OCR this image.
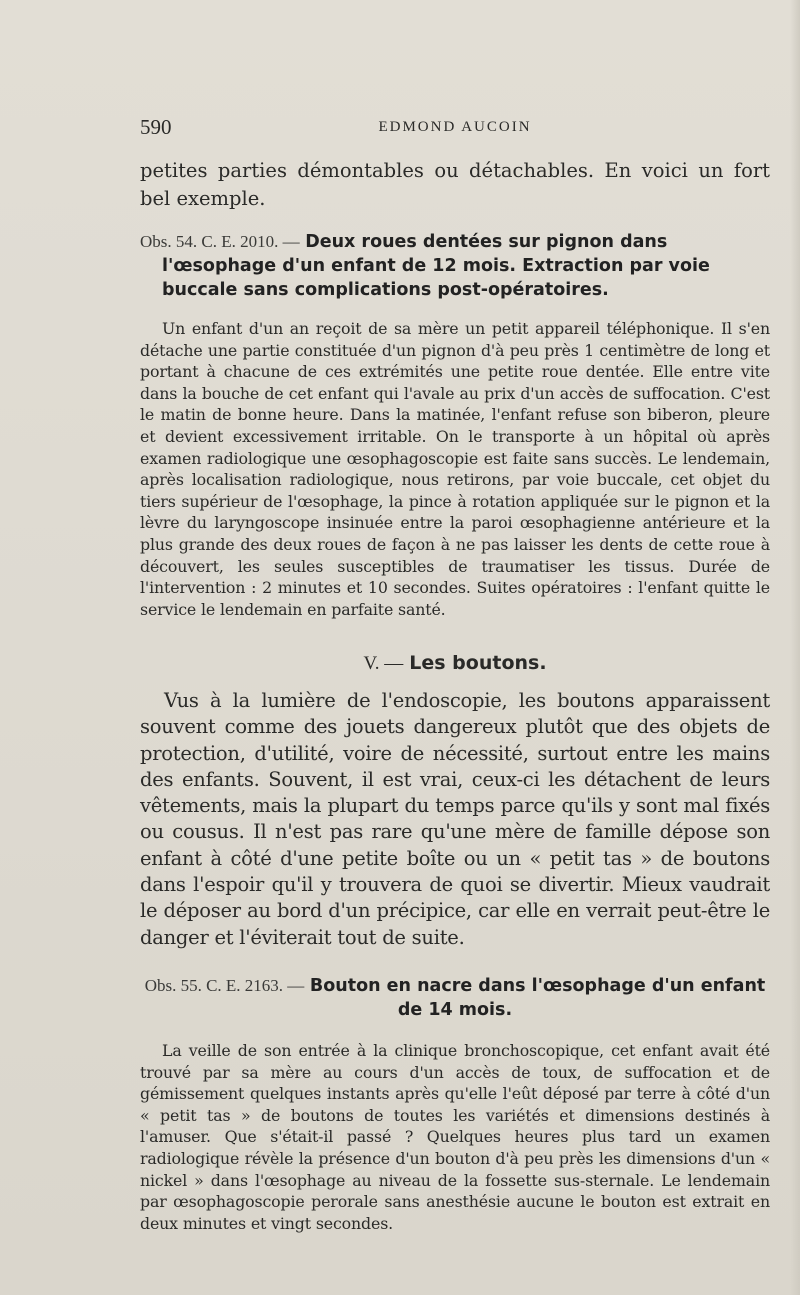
590	EDMOND AUCOIN

petites parties démontables ou détachables. En voici un fort bel exemple.

Obs. 54. C. E. 2010. — Deux roues dentées sur pignon dans l'œsophage d'un enfant de 12 mois. Extraction par voie buccale sans complications post-opératoires.

Un enfant d'un an reçoit de sa mère un petit appareil téléphonique. Il s'en détache une partie constituée d'un pignon d'à peu près 1 centimètre de long et portant à chacune de ces extrémités une petite roue dentée. Elle entre vite dans la bouche de cet enfant qui l'avale au prix d'un accès de suffocation. C'est le matin de bonne heure. Dans la matinée, l'enfant refuse son biberon, pleure et devient excessivement irritable. On le transporte à un hôpital où après examen radiologique une œsophagoscopie est faite sans succès. Le lendemain, après localisation radiologique, nous retirons, par voie buccale, cet objet du tiers supérieur de l'œsophage, la pince à rotation appliquée sur le pignon et la lèvre du laryngoscope insinuée entre la paroi œsophagienne antérieure et la plus grande des deux roues de façon à ne pas laisser les dents de cette roue à découvert, les seules susceptibles de traumatiser les tissus. Durée de l'intervention : 2 minutes et 10 secondes. Suites opératoires : l'enfant quitte le service le lendemain en parfaite santé.

V. — Les boutons.

Vus à la lumière de l'endoscopie, les boutons apparaissent souvent comme des jouets dangereux plutôt que des objets de protection, d'utilité, voire de nécessité, surtout entre les mains des enfants. Souvent, il est vrai, ceux-ci les détachent de leurs vêtements, mais la plupart du temps parce qu'ils y sont mal fixés ou cousus. Il n'est pas rare qu'une mère de famille dépose son enfant à côté d'une petite boîte ou un « petit tas » de boutons dans l'espoir qu'il y trouvera de quoi se divertir. Mieux vaudrait le déposer au bord d'un précipice, car elle en verrait peut-être le danger et l'éviterait tout de suite.

Obs. 55. C. E. 2163. — Bouton en nacre dans l'œsophage d'un enfant de 14 mois.

La veille de son entrée à la clinique bronchoscopique, cet enfant avait été trouvé par sa mère au cours d'un accès de toux, de suffocation et de gémissement quelques instants après qu'elle l'eût déposé par terre à côté d'un « petit tas » de boutons de toutes les variétés et dimensions destinés à l'amuser. Que s'était-il passé ? Quelques heures plus tard un examen radiologique révèle la présence d'un bouton d'à peu près les dimensions d'un « nickel » dans l'œsophage au niveau de la fossette sus-sternale. Le lendemain par œsophagoscopie perorale sans anesthésie aucune le bouton est extrait en deux minutes et vingt secondes.
